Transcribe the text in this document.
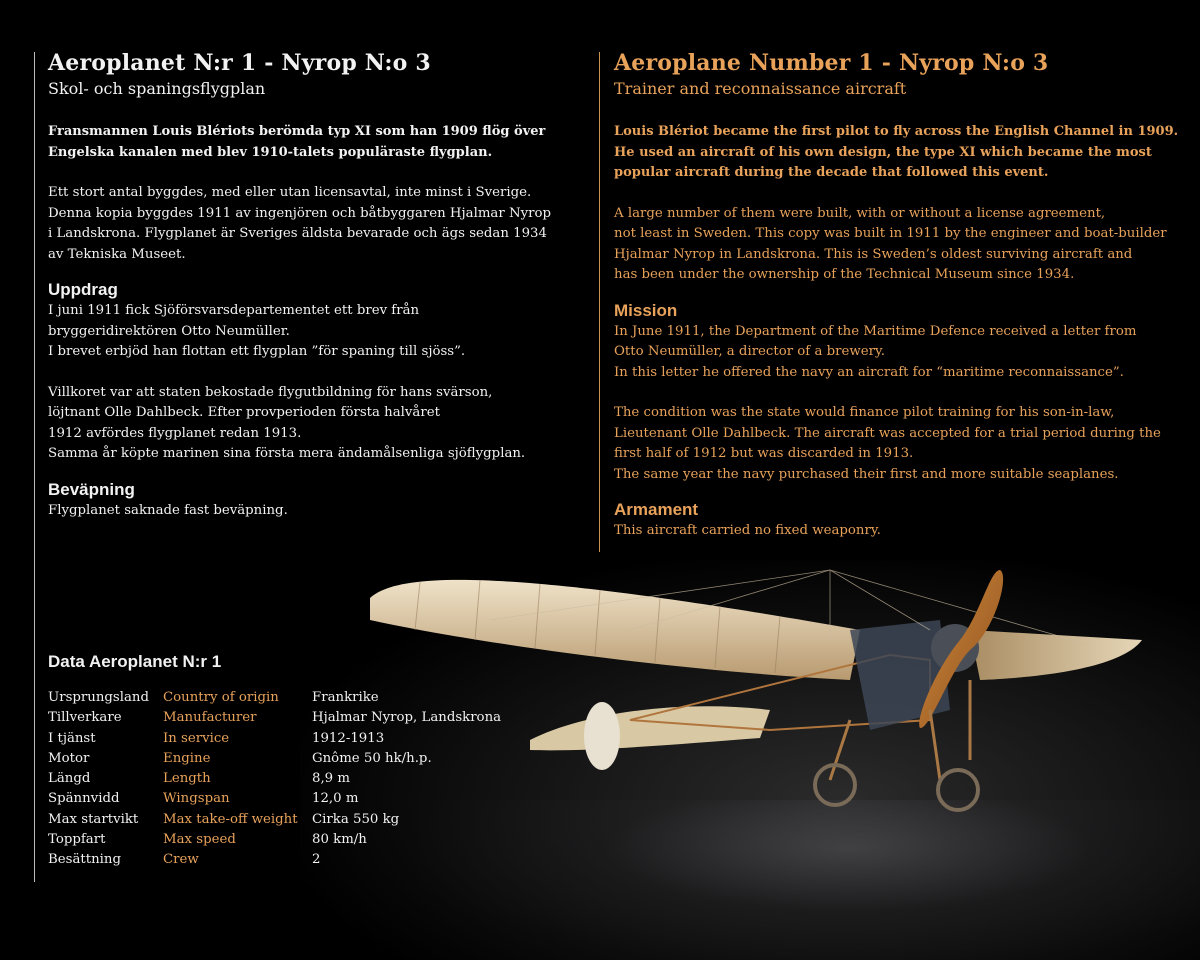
Aeroplanet N:r 1 - Nyrop N:o 3
Skol- och spaningsflygplan
Fransmannen Louis Blériots berömda typ XI som han 1909 flög över
Engelska kanalen med blev 1910-talets populäraste flygplan.

Ett stort antal byggdes, med eller utan licensavtal, inte minst i Sverige.
Denna kopia byggdes 1911 av ingenjören och båtbyggaren Hjalmar Nyrop
i Landskrona. Flygplanet är Sveriges äldsta bevarade och ägs sedan 1934
av Tekniska Museet.

Uppdrag

I juni 1911 fick Sjöförsvarsdepartementet ett brev från
bryggeridirektören Otto Neumüller.
I brevet erbjöd han flottan ett flygplan ”för spaning till sjöss”.

Villkoret var att staten bekostade flygutbildning för hans svärson,
löjtnant Olle Dahlbeck. Efter provperioden första halvåret
1912 avfördes flygplanet redan 1913.
Samma år köpte marinen sina första mera ändamålsenliga sjöflygplan.

Beväpning

Flygplanet saknade fast beväpning.

Aeroplane Number 1 - Nyrop N:o 3
Trainer and reconnaissance aircraft
Louis Blériot became the first pilot to fly across the English Channel in 1909.
He used an aircraft of his own design, the type XI which became the most
popular aircraft during the decade that followed this event.

A large number of them were built, with or without a license agreement,
not least in Sweden. This copy was built in 1911 by the engineer and boat-builder
Hjalmar Nyrop in Landskrona. This is Sweden’s oldest surviving aircraft and
has been under the ownership of the Technical Museum since 1934.

Mission

In June 1911, the Department of the Maritime Defence received a letter from
Otto Neumüller, a director of a brewery.
In this letter he offered the navy an aircraft for “maritime reconnaissance”.

The condition was the state would finance pilot training for his son-in-law,
Lieutenant Olle Dahlbeck. The aircraft was accepted for a trial period during the
first half of 1912 but was discarded in 1913.
The same year the navy purchased their first and more suitable seaplanes.

Armament

This aircraft carried no fixed weaponry.

Data Aeroplanet N:r 1
Ursprungsland	Country of origin	Frankrike
Tillverkare	Manufacturer	Hjalmar Nyrop, Landskrona
I tjänst	In service	1912-1913
Motor	Engine	Gnôme 50 hk/h.p.
Längd	Length	8,9 m
Spännvidd	Wingspan	12,0 m
Max startvikt	Max take-off weight	Cirka 550 kg
Toppfart	Max speed	80 km/h
Besättning	Crew	2
